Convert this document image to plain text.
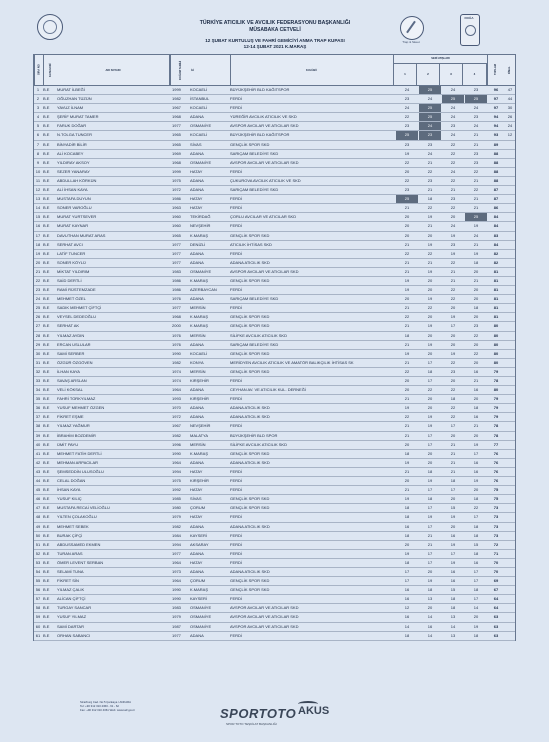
Trap & Skeet
DOĞA
TÜRKİYE ATICILIK VE AVCILIK FEDERASYONU BAŞKANLIĞI
MÜSABAKA CETVELİ
12 ŞUBAT KURTULUŞ VE FAHRİ GEMİCİYİ ANMA TRAP KUPASI
12-14 ŞUBAT 2021 K.MARAŞ
SIRA NO	KATEGORİ	ADI SOYADI	DOĞUM TARİHİ	İLİ	KULÜBÜ
SERİ ATIŞLARI
1	2	3	4	TOPLAM	FİNAL
1 B.E	MURAT İLBEĞİ	1999	KOCAELİ	BÜYÜKŞEHİR BLD KAĞITSPOR	24	25	24	23	96	47
2 B.E	OĞUZHAN TÜZÜN	1982	İSTANBUL	FERDİ	23	24	25	25	97	44
3 B.E	YAVUZ İLNAM	1967	KOCAELİ	FERDİ	24	25	24	24	97	30
4 B.E	ŞERİF MURAT TAMER	1968	ADANA	YÜREĞİR AVCILIK ATICILIK VE SKD	22	25	24	23	94	26
5 B.E	FARUK DOĞAR	1977	OSMANİYE	AVSPOR AVCILAR VE ATICILAR SKD	23	24	23	24	94	24
6 B.E	N.TOLGA TUNCER	1965	KOCAELİ	BÜYÜKŞEHİR BLD KAĞITSPOR	25	23	24	21	93	12
7 B.E	BİNYADİR BİLİR	1965	SİVAS	GENÇLİK SPOR SKD	23	23	22	21	89
8 B.E	ALİ KOCABEY	1969	ADANA	SARIÇAM BELEDİYE SKD	19	24	22	23	88
9 B.E	YILDIRAY AKSOY	1968	OSMANİYE	AVSPOR AVCILAR VE ATICILAR SKD	22	21	22	23	88
10 B.E	SEZER YANARAY	1999	HATAY	FERDİ	20	22	24	22	88
11 B.E	ABDULLAH KÖRKÜN	1975	ADANA	ÇUKUROVA AVCILIK ATICILIK VE SKD	22	23	22	21	88
12 B.E	ALİ İHSAN KAYA	1972	ADANA	SARIÇAM BELEDİYE SKD	23	21	21	22	87
13 B.E	MUSTAFA DUYUN	1986	HATAY	FERDİ	25	18	23	21	87
14 B.E	SONER VAROĞLU	1963	HATAY	FERDİ	21	22	22	21	86
15 B.E	MURAT YURTSEVER	1960	TEKİRDAĞ	ÇORLU AVCILAR VE ATICILAR SKD	20	19	20	25	84
16 B.E	MURAT KAYNAR	1960	NEVŞEHİR	FERDİ	20	21	24	19	84
17 B.E	DAVUTHAN MURAT ARAS	1965	K.MARAŞ	GENÇLİK SPOR SKD	20	20	19	24	83
18 B.E	SERHAT AVCI	1977	DENİZLİ	ATICILIK İHTİSAS SKD	21	19	23	21	84
19 B.E	LATİF TUNCER	1977	ADANA	FERDİ	22	22	19	19	82
20 B.E	SONER KÖYLÜ	1977	ADANA	ADANA ATICILIK SKD	21	21	22	18	82
21 B.E	MİKTAT YILDIRIM	1983	OSMANİYE	AVSPOR AVCILAR VE ATICILAR SKD	21	19	21	20	81
22 B.E	SAİD DERTLİ	1986	K.MARAŞ	GENÇLİK SPOR SKD	19	20	21	21	81
23 B.E	RAMİ RÜSTEMZADE	1986	AZERBAYCAN	FERDİ	19	20	22	20	81
24 B.E	MEHMET ÖZEL	1976	ADANA	SARIÇAM BELEDİYE SKD	20	19	22	20	81
25 B.E	SADIK MEHMET ÇİFTÇİ	1977	MERSİN	FERDİ	21	22	20	18	81
26 B.E	VEYSEL DEDEOĞLU	1968	K.MARAŞ	GENÇLİK SPOR SKD	22	20	19	20	81
27 B.E	SERHAT AK	2000	K.MARAŞ	GENÇLİK SPOR SKD	21	19	17	23	80
28 B.E	YILMAZ AYDIN	1976	MERSİN	SİLİFKE AVCILIK ATICILIK SKD	18	20	20	22	80
29 B.E	ERCAN USLULAR	1976	ADANA	SARIÇAM BELEDİYE SKD	21	19	20	20	80
30 B.E	SAMİ SERBER	1990	KOCAELİ	GENÇLİK SPOR SKD	19	20	19	22	80
31 B.E	ÖZGÜR ÖZGÖVEN	1982	KONYA	MERİDYEN AVCILIK ATICILIK VE AMATÖR BALIKÇILIK İHTİSAS SK	21	17	22	20	80
32 B.E	İLHAN KAYA	1974	MERSİN	GENÇLİK SPOR SKD	22	18	23	16	79
33 B.E	SAVAŞ ARSLAN	1974	KIRŞEHİR	FERDİ	20	17	20	21	78
34 B.E	VELİ KÖKSAL	1964	ADANA	CEYHAN AV. VE ATICILIK KUL. DERNEĞİ	20	22	22	16	80
35 B.E	FAHRİ TORKYILMAZ	1993	KIRŞEHİR	FERDİ	21	20	18	20	79
36 B.E	YUSUF MEHMET ÖZGEN	1970	ADANA	ADANA ATICILIK SKD	19	20	22	18	79
37 B.E	FİKRET EŞME	1972	ADANA	ADANA ATICILIK SKD	22	19	22	16	79
38 B.E	YILMAZ YAĞMUR	1967	NEVŞEHİR	FERDİ	21	19	17	21	78
39 B.E	İBRAHİM BOZDEMİR	1982	MALATYA	BÜYÜKŞEHİR BLD SPOR	21	17	20	20	78
40 B.E	ÜMİT PAYU	1996	MERSİN	SİLİFKE AVCILIK ATICILIK SKD	20	17	21	19	77
41 B.E	MEHMET FATİH DERTLİ	1990	K.MARAŞ	GENÇLİK SPOR SKD	18	20	21	17	76
42 B.E	MEHMAN ARPACILAR	1964	ADANA	ADANA ATICILIK SKD	19	20	21	16	76
43 B.E	ŞEMSEDDİN ULUSOĞLU	1994	HATAY	FERDİ	21	18	21	16	76
44 B.E	CELAL DOĞAN	1975	KIRŞEHİR	FERDİ	20	19	18	19	76
45 B.E	İHSAN KAYA	1992	HATAY	FERDİ	21	17	17	20	75
46 B.E	YUSUF KILIÇ	1985	SİVAS	GENÇLİK SPOR SKD	19	18	20	18	75
47 B.E	MUSTAFA RECAİ VELİOĞLU	1980	ÇORUM	GENÇLİK SPOR SKD	18	17	15	22	73
48 B.E	YILTEN ÇOLAKOĞLU	1979	HATAY	FERDİ	18	19	19	17	73
49 B.E	MEHMET SEBEK	1982	ADANA	ADANA ATICILIK SKD	16	17	20	18	73
50 B.E	BURAK ÇİFÇİ	1984	KAYSERİ	FERDİ	18	21	16	18	73
51 B.E	ABDUSSAMED EKMEN	1994	AKSARAY	FERDİ	20	21	19	15	72
52 B.E	TURAN ARAS	1977	ADANA	FERDİ	19	17	17	18	71
53 B.E	ÖMER LEVENT SERBAN	1964	HATAY	FERDİ	18	17	19	16	70
54 B.E	SELAMİ TUNA	1973	ADANA	ADANA ATICILIK SKD	17	20	16	17	70
55 B.E	FİKRET SİN	1964	ÇORUM	GENÇLİK SPOR SKD	17	19	16	17	69
56 B.E	YILMAZ ÇALIK	1990	K.MARAŞ	GENÇLİK SPOR SKD	16	18	15	18	67
57 B.E	ALİCAN ÇİFTÇİ	1990	KAYSERİ	FERDİ	16	13	18	17	64
58 B.E	TURGAY SANCAR	1983	OSMANİYE	AVSPOR AVCILAR VE ATICILAR SKD	12	20	18	14	64
59 B.E	YUSUF YILMAZ	1979	OSMANİYE	AVSPOR AVCILAR VE ATICILAR SKD	16	14	13	20	63
60 B.E	SAMİ DARTAR	1987	OSMANİYE	AVSPOR AVCILAR VE ATICILAR SKD	14	16	14	19	63
61 B.E	ORHAN SABANCI	1977	ADANA	FERDİ	18	14	13	18	63
Strazburg Cad. No:5 Çankaya / ANKARA
Tel: +90 312 310 4360 - 61 - 62
Fax: +90 312 310 4361 Web: www.tatf.gov.tr	SPORTOTO
SPOR TOTO TEŞKİLAT BAŞKANLIĞI
AKUS
